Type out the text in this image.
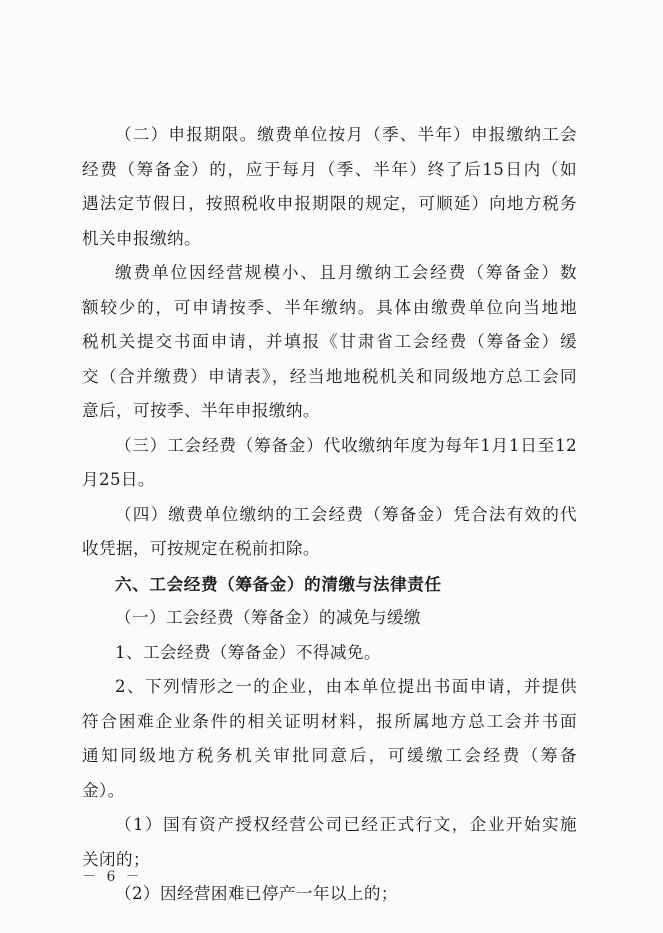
（二）申报期限。缴费单位按月（季、半年）申报缴纳工会
经费（筹备金）的，应于每月（季、半年）终了后15日内（如
遇法定节假日，按照税收申报期限的规定，可顺延）向地方税务
机关申报缴纳。
缴费单位因经营规模小、且月缴纳工会经费（筹备金）数
额较少的，可申请按季、半年缴纳。具体由缴费单位向当地地
税机关提交书面申请，并填报《甘肃省工会经费（筹备金）缓
交（合并缴费）申请表》，经当地地税机关和同级地方总工会同
意后，可按季、半年申报缴纳。
（三）工会经费（筹备金）代收缴纳年度为每年1月1日至12
月25日。
（四）缴费单位缴纳的工会经费（筹备金）凭合法有效的代
收凭据，可按规定在税前扣除。
六、工会经费（筹备金）的清缴与法律责任
（一）工会经费（筹备金）的减免与缓缴
1、工会经费（筹备金）不得减免。
2、下列情形之一的企业，由本单位提出书面申请，并提供
符合困难企业条件的相关证明材料，报所属地方总工会并书面
通知同级地方税务机关审批同意后，可缓缴工会经费（筹备
金）。
（1）国有资产授权经营公司已经正式行文，企业开始实施
关闭的；
（2）因经营困难已停产一年以上的；
－ 6 －
